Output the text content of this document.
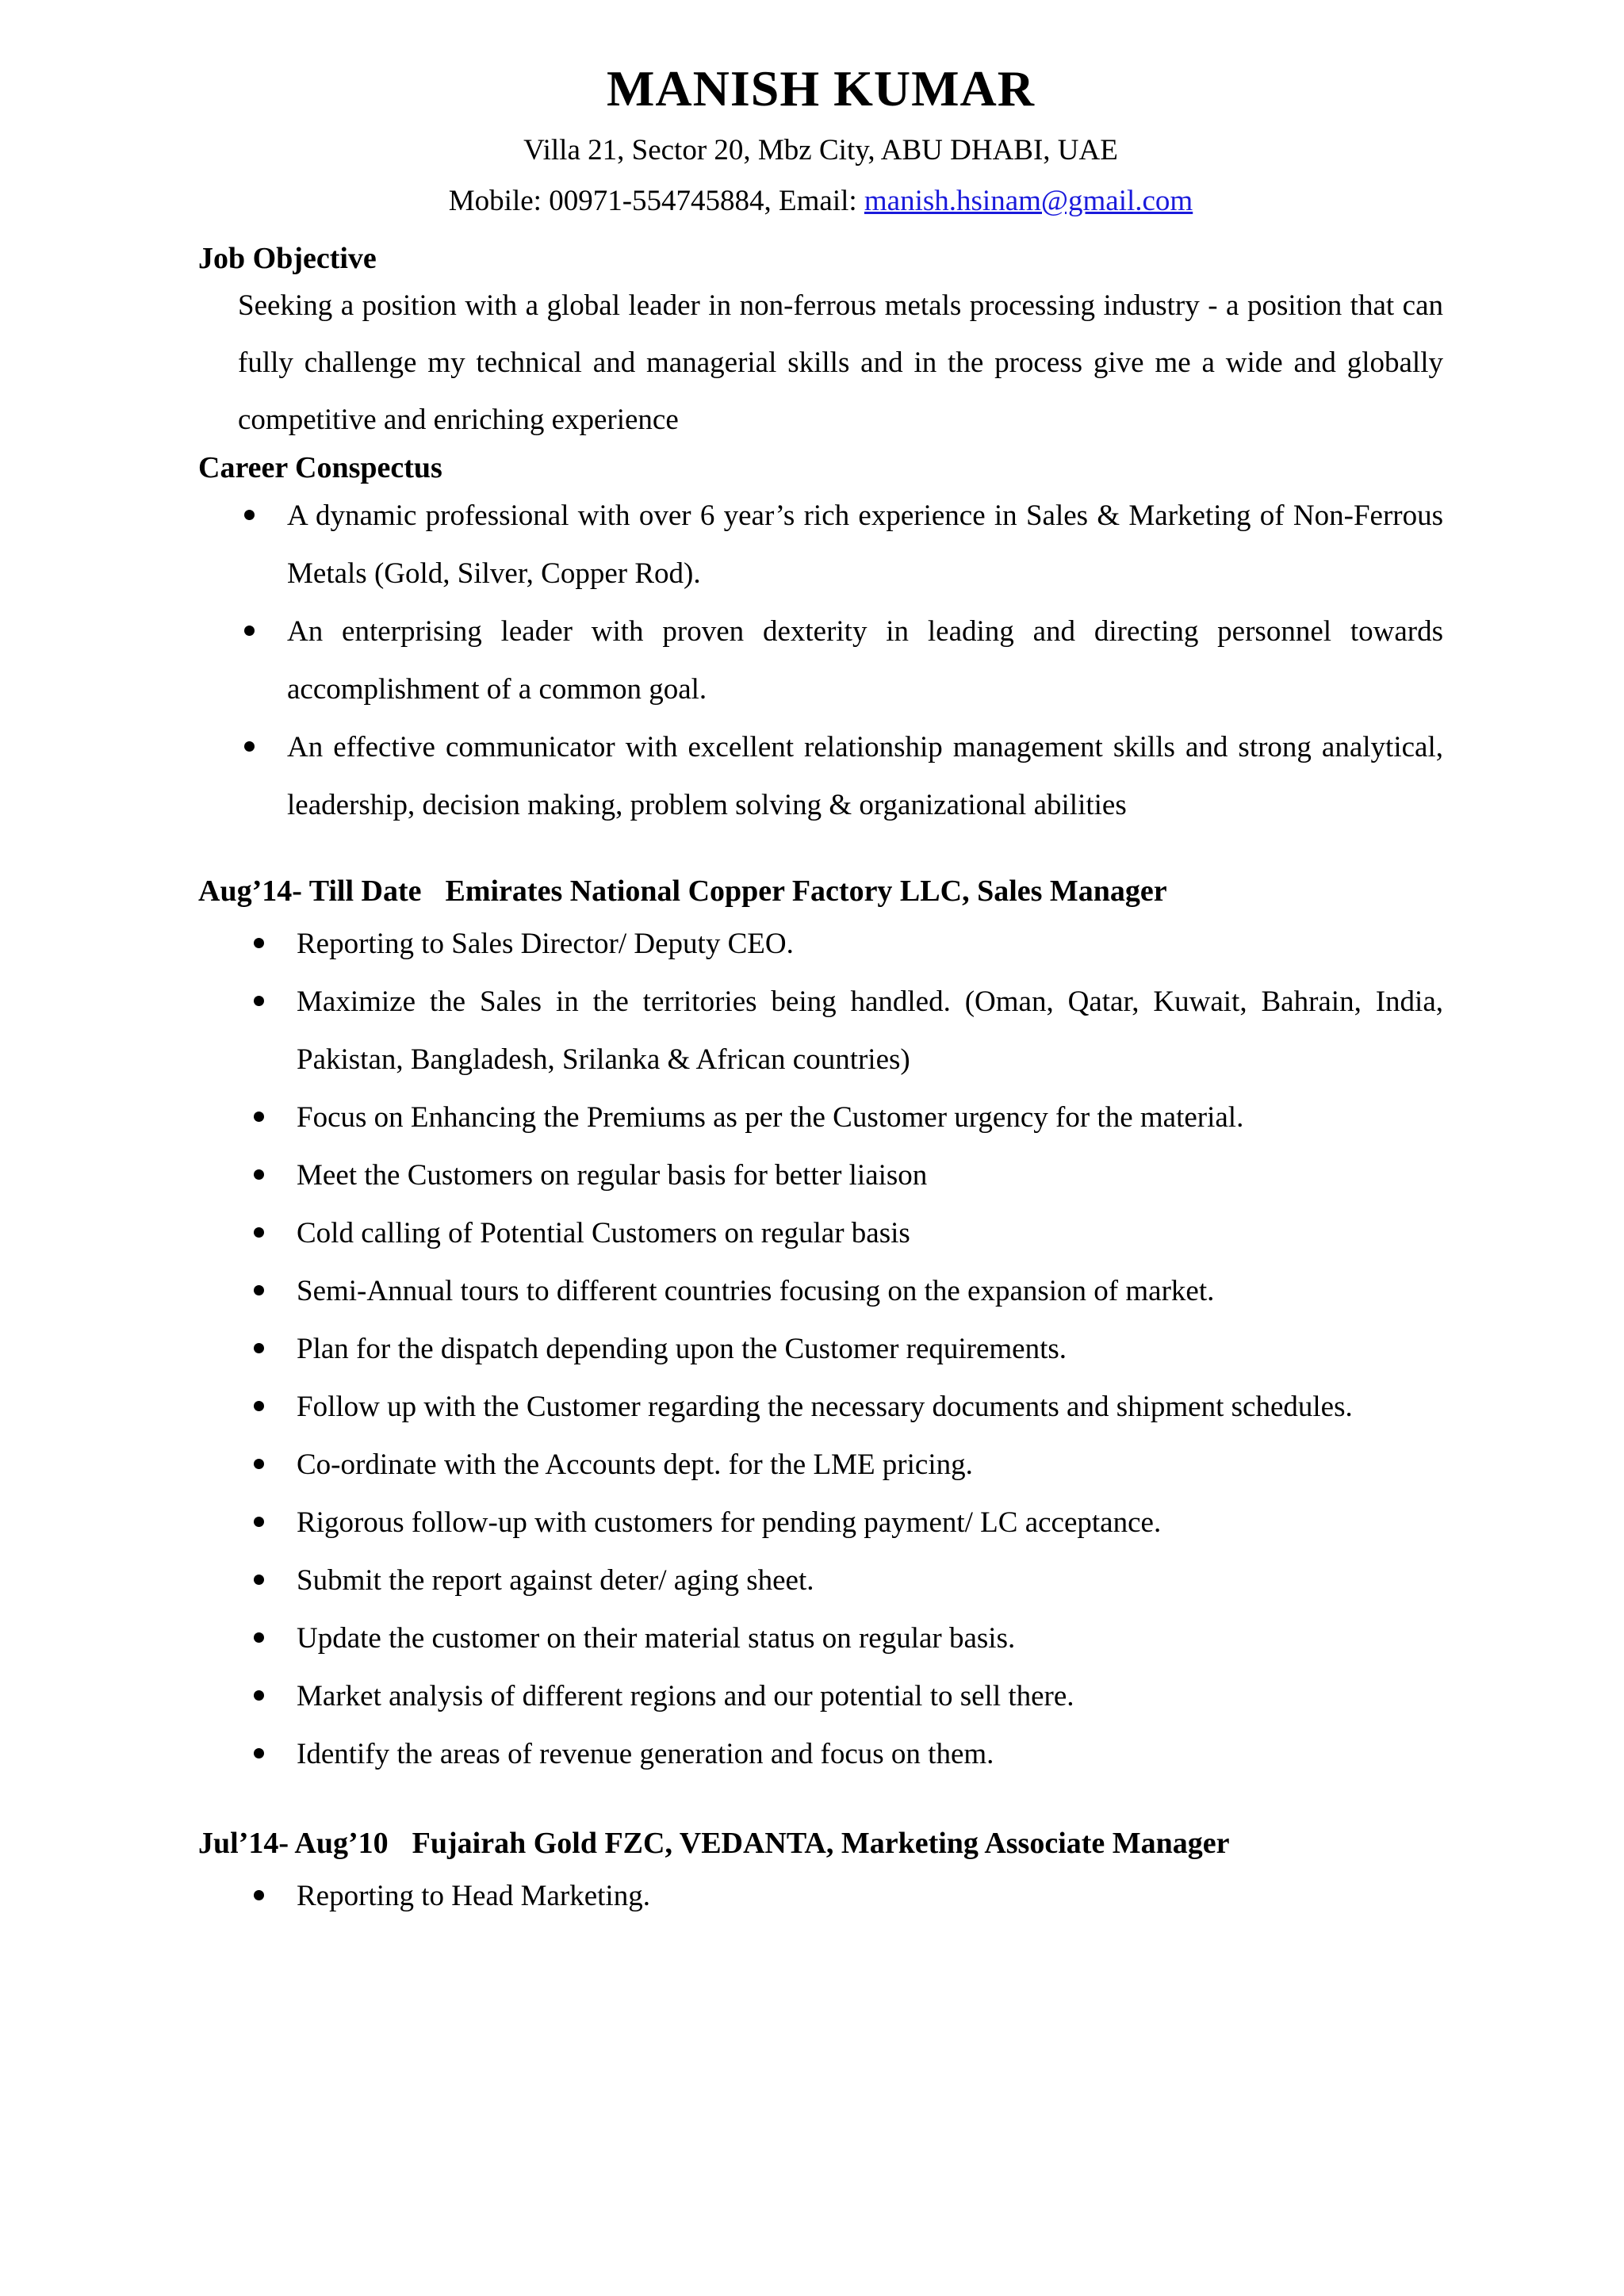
MANISH KUMAR
Villa 21, Sector 20, Mbz City, ABU DHABI, UAE
Mobile: 00971-554745884, Email: manish.hsinam@gmail.com
Job Objective
Seeking a position with a global leader in non-ferrous metals processing industry - a position that can fully challenge my technical and managerial skills and in the process give me a wide and globally competitive and enriching experience
Career Conspectus
A dynamic professional with over 6 year’s rich experience in Sales & Marketing of Non-Ferrous Metals (Gold, Silver, Copper Rod).
An enterprising leader with proven dexterity in leading and directing personnel towards accomplishment of a common goal.
An effective communicator with excellent relationship management skills and strong analytical, leadership, decision making, problem solving & organizational abilities
Aug’14- Till Date Emirates National Copper Factory LLC, Sales Manager
Reporting to Sales Director/ Deputy CEO.
Maximize the Sales in the territories being handled. (Oman, Qatar, Kuwait, Bahrain, India, Pakistan, Bangladesh, Srilanka & African countries)
Focus on Enhancing the Premiums as per the Customer urgency for the material.
Meet the Customers on regular basis for better liaison
Cold calling of Potential Customers on regular basis
Semi-Annual tours to different countries focusing on the expansion of market.
Plan for the dispatch depending upon the Customer requirements.
Follow up with the Customer regarding the necessary documents and shipment schedules.
Co-ordinate with the Accounts dept. for the LME pricing.
Rigorous follow-up with customers for pending payment/ LC acceptance.
Submit the report against deter/ aging sheet.
Update the customer on their material status on regular basis.
Market analysis of different regions and our potential to sell there.
Identify the areas of revenue generation and focus on them.
Jul’14- Aug’10 Fujairah Gold FZC, VEDANTA, Marketing Associate Manager
Reporting to Head Marketing.
